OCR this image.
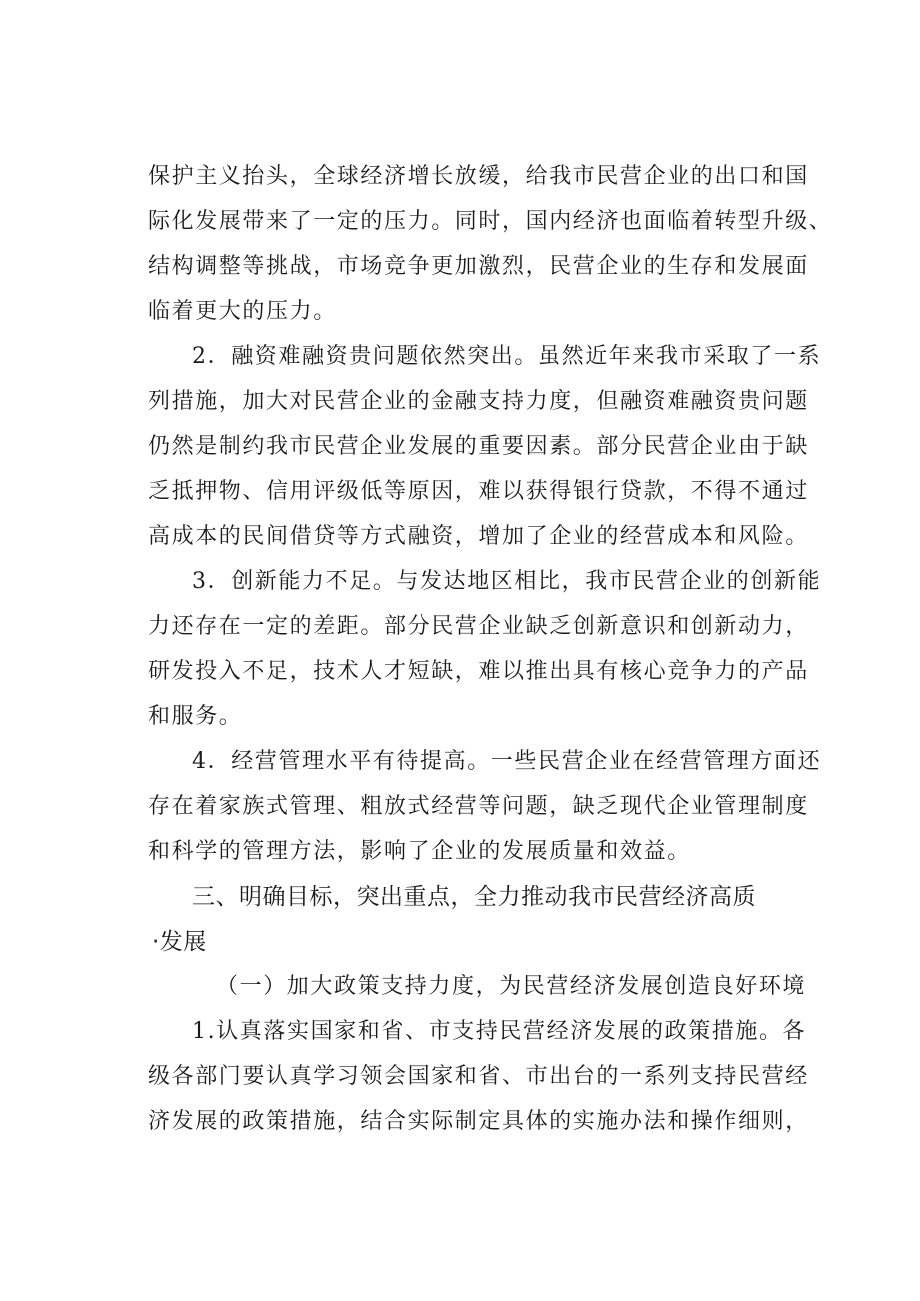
保护主义抬头，全球经济增长放缓，给我市民营企业的出口和国
际化发展带来了一定的压力。同时，国内经济也面临着转型升级、
结构调整等挑战，市场竞争更加激烈，民营企业的生存和发展面
临着更大的压力。
2．融资难融资贵问题依然突出。虽然近年来我市采取了一系
列措施，加大对民营企业的金融支持力度，但融资难融资贵问题
仍然是制约我市民营企业发展的重要因素。部分民营企业由于缺
乏抵押物、信用评级低等原因，难以获得银行贷款，不得不通过
高成本的民间借贷等方式融资，增加了企业的经营成本和风险。
3．创新能力不足。与发达地区相比，我市民营企业的创新能
力还存在一定的差距。部分民营企业缺乏创新意识和创新动力，
研发投入不足，技术人才短缺，难以推出具有核心竞争力的产品
和服务。
4．经营管理水平有待提高。一些民营企业在经营管理方面还
存在着家族式管理、粗放式经营等问题，缺乏现代企业管理制度
和科学的管理方法，影响了企业的发展质量和效益。
三、明确目标，突出重点，全力推动我市民营经济高质
·发展
（一）加大政策支持力度，为民营经济发展创造良好环境
1.认真落实国家和省、市支持民营经济发展的政策措施。各
级各部门要认真学习领会国家和省、市出台的一系列支持民营经
济发展的政策措施，结合实际制定具体的实施办法和操作细则，
